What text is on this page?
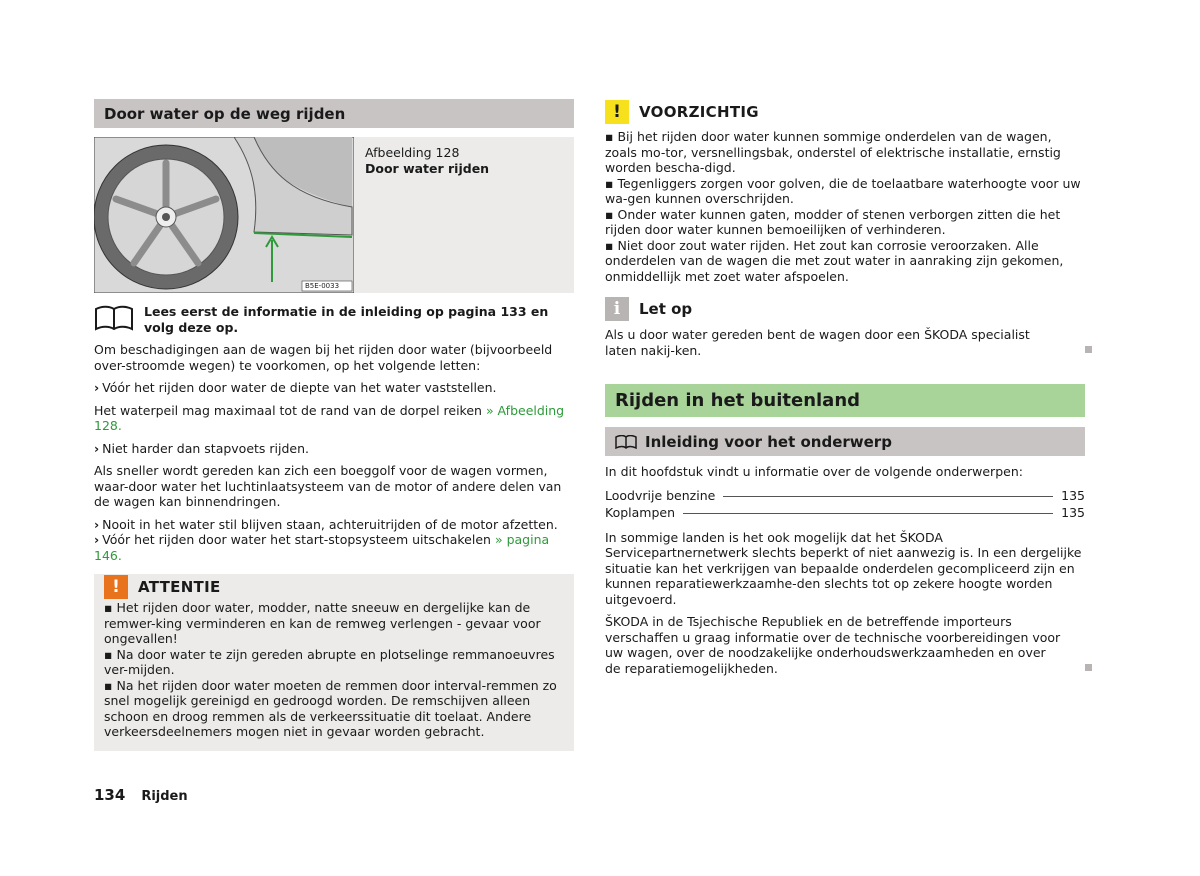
Door water op de weg rijden
B5E-0033
Afbeelding 128
Door water rijden
Lees eerst de informatie in de inleiding op pagina 133 en volg deze op.

Om beschadigingen aan de wagen bij het rijden door water (bijvoorbeeld over-stroomde wegen) te voorkomen, op het volgende letten:

› Vóór het rijden door water de diepte van het water vaststellen.

Het waterpeil mag maximaal tot de rand van de dorpel reiken » Afbeelding 128.

› Niet harder dan stapvoets rijden.

Als sneller wordt gereden kan zich een boeggolf voor de wagen vormen, waar-door water het luchtinlaatsysteem van de motor of andere delen van de wagen kan binnendringen.

› Nooit in het water stil blijven staan, achteruitrijden of de motor afzetten.

› Vóór het rijden door water het start-stopsysteem uitschakelen » pagina 146.

!	ATTENTIE

▪ Het rijden door water, modder, natte sneeuw en dergelijke kan de remwer-king verminderen en kan de remweg verlengen - gevaar voor ongevallen!

▪ Na door water te zijn gereden abrupte en plotselinge remmanoeuvres ver-mijden.

▪ Na het rijden door water moeten de remmen door interval-remmen zo snel mogelijk gereinigd en gedroogd worden. De remschijven alleen schoon en droog remmen als de verkeerssituatie dit toelaat. Andere verkeersdeelnemers mogen niet in gevaar worden gebracht.

!	VOORZICHTIG

▪ Bij het rijden door water kunnen sommige onderdelen van de wagen, zoals mo-tor, versnellingsbak, onderstel of elektrische installatie, ernstig worden bescha-digd.

▪ Tegenliggers zorgen voor golven, die de toelaatbare waterhoogte voor uw wa-gen kunnen overschrijden.

▪ Onder water kunnen gaten, modder of stenen verborgen zitten die het rijden door water kunnen bemoeilijken of verhinderen.

▪ Niet door zout water rijden. Het zout kan corrosie veroorzaken. Alle onderdelen van de wagen die met zout water in aanraking zijn gekomen, onmiddellijk met zoet water afspoelen.

i	Let op

Als u door water gereden bent de wagen door een ŠKODA specialist laten nakij-ken.

Rijden in het buitenland
Inleiding voor het onderwerp

In dit hoofdstuk vindt u informatie over de volgende onderwerpen:

Loodvrije benzine	135
Koplampen	135

In sommige landen is het ook mogelijk dat het ŠKODA Servicepartnernetwerk slechts beperkt of niet aanwezig is. In een dergelijke situatie kan het verkrijgen van bepaalde onderdelen gecompliceerd zijn en kunnen reparatiewerkzaamhe-den slechts tot op zekere hoogte worden uitgevoerd.

ŠKODA in de Tsjechische Republiek en de betreffende importeurs verschaffen u graag informatie over de technische voorbereidingen voor uw wagen, over de noodzakelijke onderhoudswerkzaamheden en over de reparatiemogelijkheden.

134 Rijden
